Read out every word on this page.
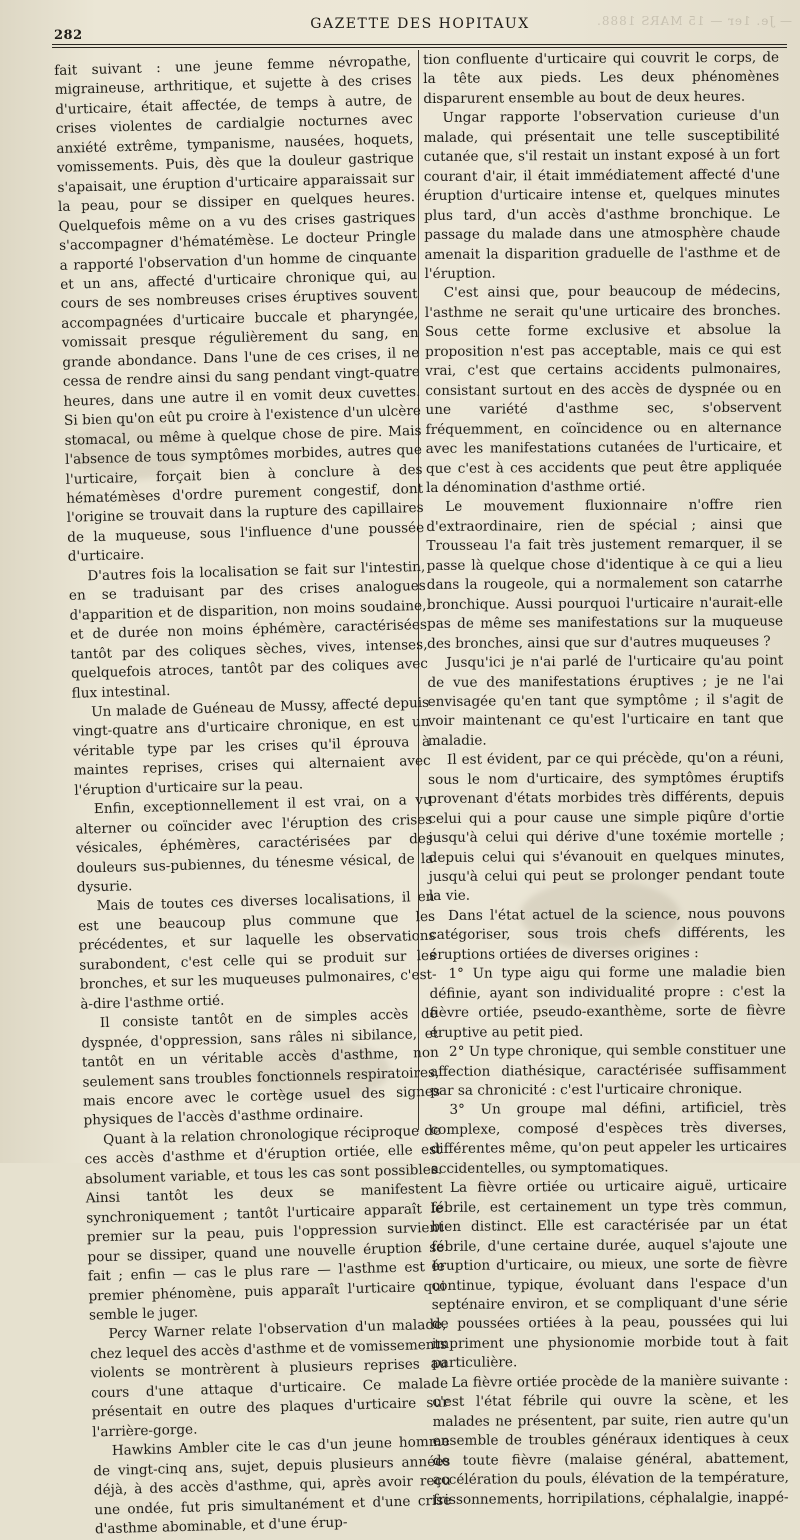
— Je. 1er — 15 MARS 1888.
282
GAZETTE DES HOPITAUX

fait suivant : une jeune femme névropathe, migraineuse, arthritique, et sujette à des crises d'urticaire, était affectée, de temps à autre, de crises violentes de cardialgie nocturnes avec anxiété extrême, tympanisme, nausées, hoquets, vomissements. Puis, dès que la douleur gastrique s'apaisait, une éruption d'urticaire apparaissait sur la peau, pour se dissiper en quelques heures. Quelquefois même on a vu des crises gastriques s'accompagner d'hématémèse. Le docteur Pringle a rapporté l'observation d'un homme de cinquante et un ans, affecté d'urticaire chronique qui, au cours de ses nombreuses crises éruptives souvent accompagnées d'urticaire buccale et pharyngée, vomissait presque régulièrement du sang, en grande abondance. Dans l'une de ces crises, il ne cessa de rendre ainsi du sang pendant vingt-quatre heures, dans une autre il en vomit deux cuvettes. Si bien qu'on eût pu croire à l'existence d'un ulcère stomacal, ou même à quelque chose de pire. Mais l'absence de tous symptômes morbides, autres que l'urticaire, forçait bien à conclure à des hématémèses d'ordre purement congestif, dont l'origine se trouvait dans la rupture des capillaires de la muqueuse, sous l'influence d'une poussée d'urticaire.

D'autres fois la localisation se fait sur l'intestin, en se traduisant par des crises analogues d'apparition et de disparition, non moins soudaine, et de durée non moins éphémère, caractérisées tantôt par des coliques sèches, vives, intenses, quelquefois atroces, tantôt par des coliques avec flux intestinal.

Un malade de Guéneau de Mussy, affecté depuis vingt-quatre ans d'urticaire chronique, en est un véritable type par les crises qu'il éprouva à maintes reprises, crises qui alternaient avec l'éruption d'urticaire sur la peau.

Enfin, exceptionnellement il est vrai, on a vu alterner ou coïncider avec l'éruption des crises vésicales, éphémères, caractérisées par des douleurs sus-pubiennes, du ténesme vésical, de la dysurie.

Mais de toutes ces diverses localisations, il en est une beaucoup plus commune que les précédentes, et sur laquelle les observations surabondent, c'est celle qui se produit sur les bronches, et sur les muqueuses pulmonaires, c'est-à-dire l'asthme ortié.

Il consiste tantôt en de simples accès de dyspnée, d'oppression, sans râles ni sibilance, et tantôt en un véritable accès d'asthme, non seulement sans troubles fonctionnels respiratoires, mais encore avec le cortège usuel des signes physiques de l'accès d'asthme ordinaire.

Quant à la relation chronologique réciproque de ces accès d'asthme et d'éruption ortiée, elle est absolument variable, et tous les cas sont possibles. Ainsi tantôt les deux se manifestent synchroniquement ; tantôt l'urticaire apparaît le premier sur la peau, puis l'oppression survient pour se dissiper, quand une nouvelle éruption se fait ; enfin — cas le plus rare — l'asthme est le premier phénomène, puis apparaît l'urticaire qui semble le juger.

Percy Warner relate l'observation d'un malade, chez lequel des accès d'asthme et de vomissements violents se montrèrent à plusieurs reprises au cours d'une attaque d'urticaire. Ce malade présentait en outre des plaques d'urticaire sur l'arrière-gorge.

Hawkins Ambler cite le cas d'un jeune homme de vingt-cinq ans, sujet, depuis plusieurs années déjà, à des accès d'asthme, qui, après avoir reçu une ondée, fut pris simultanément et d'une crise d'asthme abominable, et d'une érup-

tion confluente d'urticaire qui couvrit le corps, de la tête aux pieds. Les deux phénomènes disparurent ensemble au bout de deux heures.

Ungar rapporte l'observation curieuse d'un malade, qui présentait une telle susceptibilité cutanée que, s'il restait un instant exposé à un fort courant d'air, il était immédiatement affecté d'une éruption d'urticaire intense et, quelques minutes plus tard, d'un accès d'asthme bronchique. Le passage du malade dans une atmosphère chaude amenait la disparition graduelle de l'asthme et de l'éruption.

C'est ainsi que, pour beaucoup de médecins, l'asthme ne serait qu'une urticaire des bronches. Sous cette forme exclusive et absolue la proposition n'est pas acceptable, mais ce qui est vrai, c'est que certains accidents pulmonaires, consistant surtout en des accès de dyspnée ou en une variété d'asthme sec, s'observent fréquemment, en coïncidence ou en alternance avec les manifestations cutanées de l'urticaire, et que c'est à ces accidents que peut être appliquée la dénomination d'asthme ortié.

Le mouvement fluxionnaire n'offre rien d'extraordinaire, rien de spécial ; ainsi que Trousseau l'a fait très justement remarquer, il se passe là quelque chose d'identique à ce qui a lieu dans la rougeole, qui a normalement son catarrhe bronchique. Aussi pourquoi l'urticaire n'aurait-elle pas de même ses manifestations sur la muqueuse des bronches, ainsi que sur d'autres muqueuses ?

Jusqu'ici je n'ai parlé de l'urticaire qu'au point de vue des manifestations éruptives ; je ne l'ai envisagée qu'en tant que symptôme ; il s'agit de voir maintenant ce qu'est l'urticaire en tant que maladie.

Il est évident, par ce qui précède, qu'on a réuni, sous le nom d'urticaire, des symptômes éruptifs provenant d'états morbides très différents, depuis celui qui a pour cause une simple piqûre d'ortie jusqu'à celui qui dérive d'une toxémie mortelle ; depuis celui qui s'évanouit en quelques minutes, jusqu'à celui qui peut se prolonger pendant toute la vie.

Dans l'état actuel de la science, nous pouvons catégoriser, sous trois chefs différents, les éruptions ortiées de diverses origines :

1° Un type aigu qui forme une maladie bien définie, ayant son individualité propre : c'est la fièvre ortiée, pseudo-exanthème, sorte de fièvre éruptive au petit pied.

2° Un type chronique, qui semble constituer une affection diathésique, caractérisée suffisamment par sa chronicité : c'est l'urticaire chronique.

3° Un groupe mal défini, artificiel, très complexe, composé d'espèces très diverses, différentes même, qu'on peut appeler les urticaires accidentelles, ou symptomatiques.

La fièvre ortiée ou urticaire aiguë, urticaire fébrile, est certainement un type très commun, bien distinct. Elle est caractérisée par un état fébrile, d'une certaine durée, auquel s'ajoute une éruption d'urticaire, ou mieux, une sorte de fièvre continue, typique, évoluant dans l'espace d'un septénaire environ, et se compliquant d'une série de poussées ortiées à la peau, poussées qui lui impriment une physionomie morbide tout à fait particulière.

La fièvre ortiée procède de la manière suivante : c'est l'état fébrile qui ouvre la scène, et les malades ne présentent, par suite, rien autre qu'un ensemble de troubles généraux identiques à ceux de toute fièvre (malaise général, abattement, accélération du pouls, élévation de la température, frissonnements, horripilations, céphalalgie, inappé-
